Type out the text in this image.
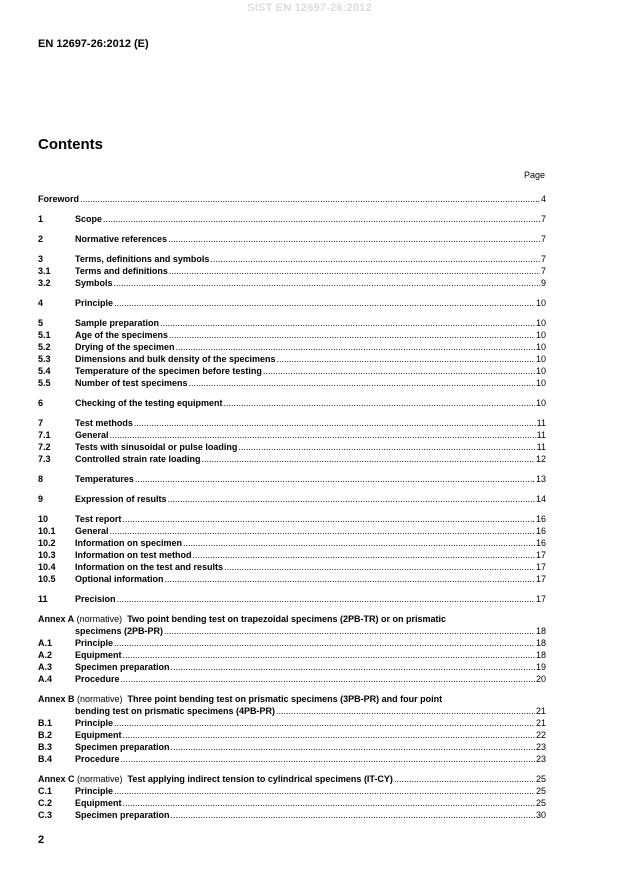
SIST EN 12697-26:2012
EN 12697-26:2012 (E)
Contents
Page
Foreword .....	4
1	Scope .....	7
2	Normative references .....	7
3	Terms, definitions and symbols .....	7
3.1	Terms and definitions .....	7
3.2	Symbols .....	9
4	Principle .....	10
5	Sample preparation .....	10
5.1	Age of the specimens .....	10
5.2	Drying of the specimen .....	10
5.3	Dimensions and bulk density of the specimens .....	10
5.4	Temperature of the specimen before testing .....	10
5.5	Number of test specimens .....	10
6	Checking of the testing equipment .....	10
7	Test methods .....	11
7.1	General .....	11
7.2	Tests with sinusoidal or pulse loading .....	11
7.3	Controlled strain rate loading .....	12
8	Temperatures .....	13
9	Expression of results .....	14
10	Test report .....	16
10.1	General .....	16
10.2	Information on specimen .....	16
10.3	Information on test method .....	17
10.4	Information on the test and results .....	17
10.5	Optional information .....	17
11	Precision .....	17
Annex A (normative) Two point bending test on trapezoidal specimens (2PB-TR) or on prismatic
specimens (2PB-PR) .....	18
A.1	Principle .....	18
A.2	Equipment .....	18
A.3	Specimen preparation .....	19
A.4	Procedure .....	20
Annex B (normative) Three point bending test on prismatic specimens (3PB-PR) and four point
bending test on prismatic specimens (4PB-PR) .....	21
B.1	Principle .....	21
B.2	Equipment .....	22
B.3	Specimen preparation .....	23
B.4	Procedure .....	23
Annex C (normative) Test applying indirect tension to cylindrical specimens (IT-CY) .....	25
C.1	Principle .....	25
C.2	Equipment .....	25
C.3	Specimen preparation .....	30
2
